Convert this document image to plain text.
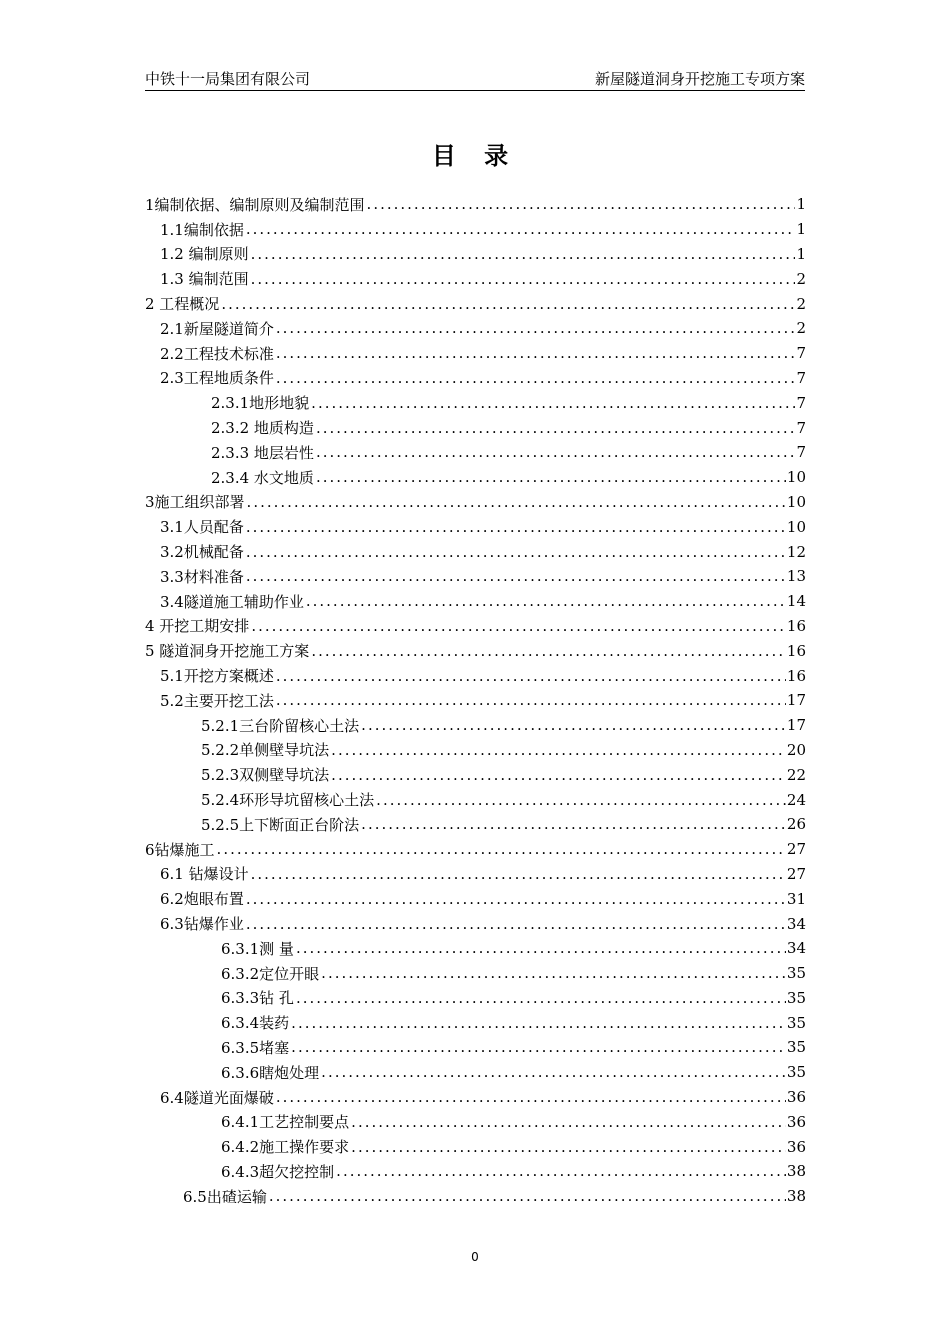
中铁十一局集团有限公司	新屋隧道洞身开挖施工专项方案
目 录
1编制依据、编制原则及编制范围 .....	1
1.1编制依据 .....	1
1.2 编制原则 .....	1
1.3 编制范围 .....	2
2 工程概况 .....	2
2.1新屋隧道简介 .....	2
2.2工程技术标准 .....	7
2.3工程地质条件 .....	7
2.3.1地形地貌 .....	7
2.3.2 地质构造 .....	7
2.3.3 地层岩性 .....	7
2.3.4 水文地质 .....	10
3施工组织部署 .....	10
3.1人员配备 .....	10
3.2机械配备 .....	12
3.3材料准备 .....	13
3.4隧道施工辅助作业 .....	14
4 开挖工期安排 .....	16
5 隧道洞身开挖施工方案 .....	16
5.1开挖方案概述 .....	16
5.2主要开挖工法 .....	17
5.2.1三台阶留核心土法 .....	17
5.2.2单侧壁导坑法 .....	20
5.2.3双侧壁导坑法 .....	22
5.2.4环形导坑留核心土法 .....	24
5.2.5上下断面正台阶法 .....	26
6钻爆施工 .....	27
6.1 钻爆设计 .....	27
6.2炮眼布置 .....	31
6.3钻爆作业 .....	34
6.3.1测 量 .....	34
6.3.2定位开眼 .....	35
6.3.3钻 孔 .....	35
6.3.4装药 .....	35
6.3.5堵塞 .....	35
6.3.6瞎炮处理 .....	35
6.4隧道光面爆破 .....	36
6.4.1工艺控制要点 .....	36
6.4.2施工操作要求 .....	36
6.4.3超欠挖控制 .....	38
6.5出碴运输 .....	38
0
